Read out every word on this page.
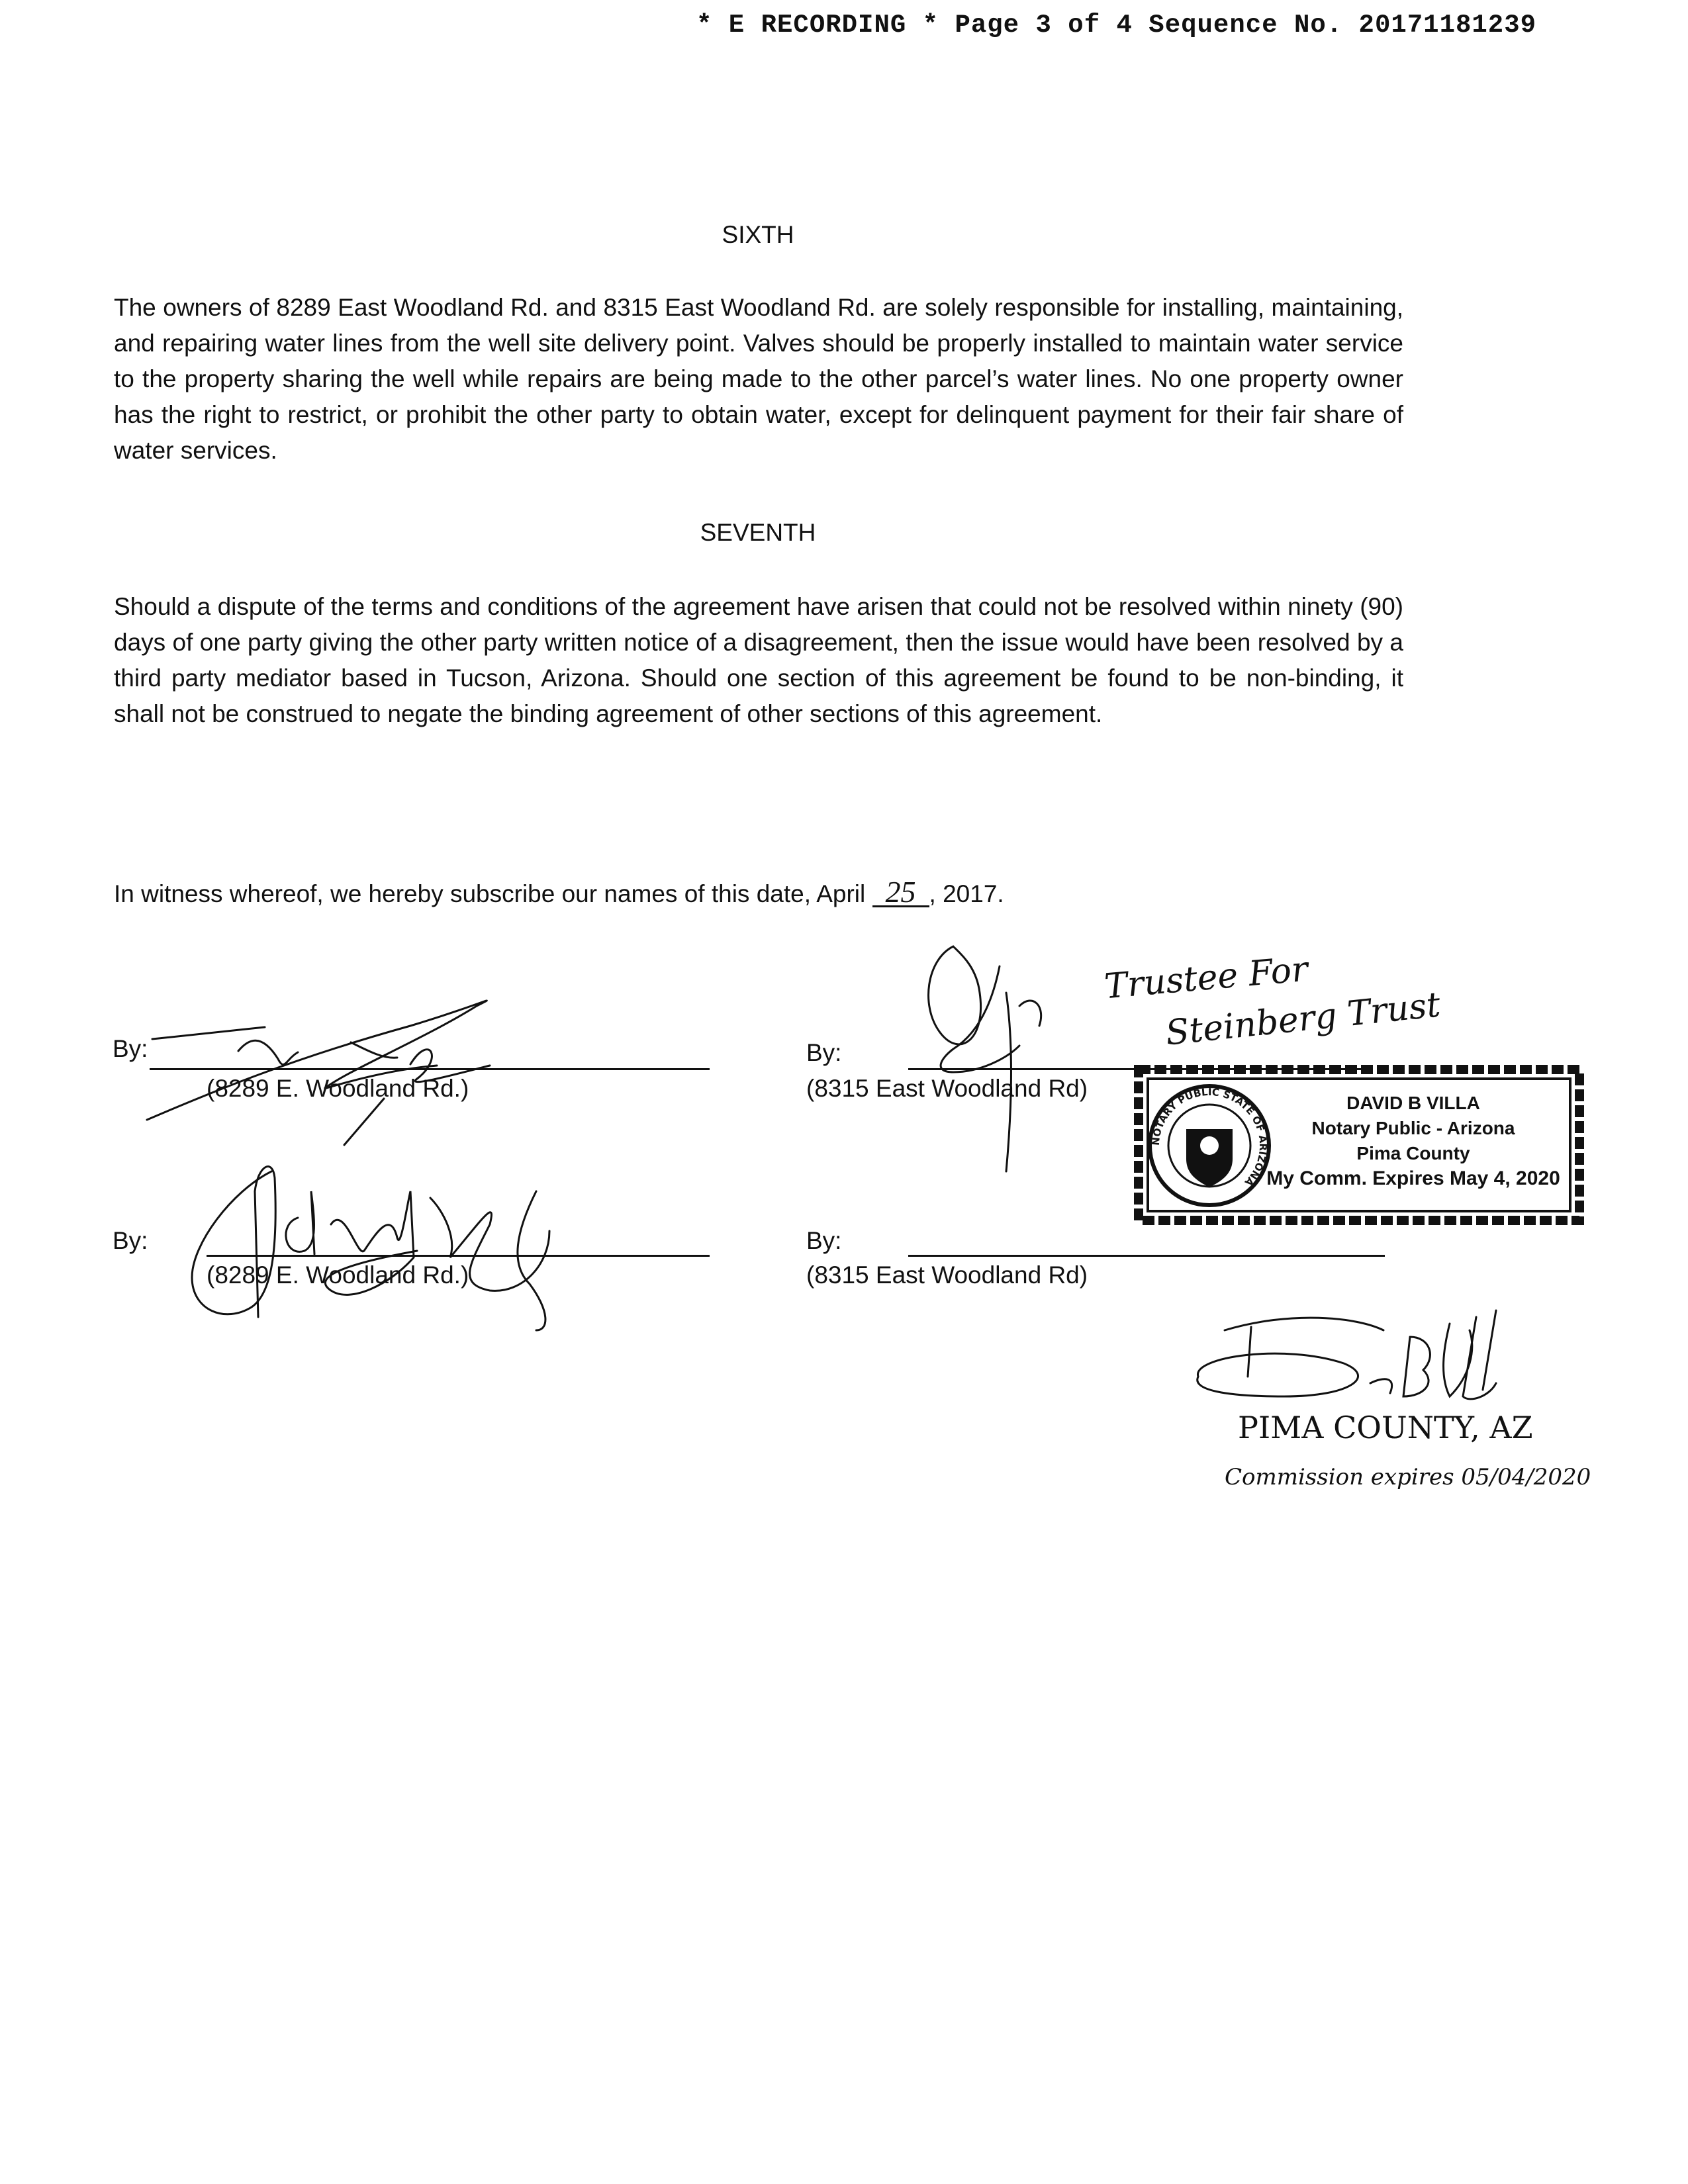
* E RECORDING * Page 3 of 4 Sequence No. 20171181239
SIXTH
The owners of 8289 East Woodland Rd. and 8315 East Woodland Rd. are solely responsible for installing, maintaining, and repairing water lines from the well site delivery point. Valves should be properly installed to maintain water service to the property sharing the well while repairs are being made to the other parcel’s water lines. No one property owner has the right to restrict, or prohibit the other party to obtain water, except for delinquent payment for their fair share of water services.
SEVENTH
Should a dispute of the terms and conditions of the agreement have arisen that could not be resolved within ninety (90) days of one party giving the other party written notice of a disagreement, then the issue would have been resolved by a third party mediator based in Tucson, Arizona. Should one section of this agreement be found to be non-binding, it shall not be construed to negate the binding agreement of other sections of this agreement.
In witness whereof, we hereby subscribe our names of this date, April 25 , 2017.
By:
(8289 E. Woodland Rd.)
By:
(8315 East Woodland Rd)
By:
(8289 E. Woodland Rd.)
By:
(8315 East Woodland Rd)
Trustee For
Steinberg Trust
NOTARY PUBLIC STATE OF ARIZONA
DAVID B VILLA
Notary Public - Arizona
Pima County
My Comm. Expires May 4, 2020
PIMA COUNTY, AZ
Commission expires 05/04/2020
